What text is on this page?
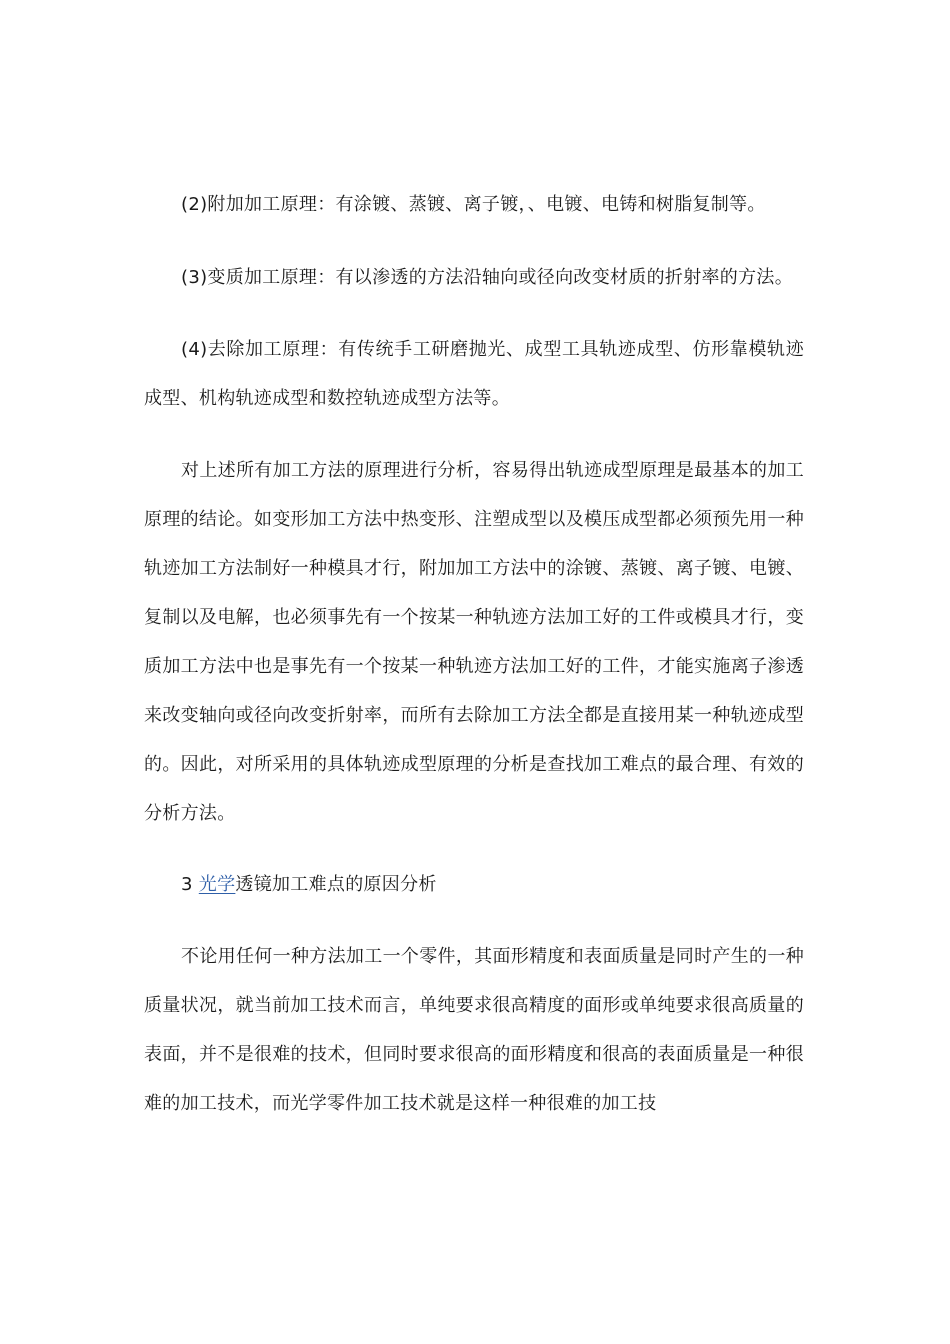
(2)附加加工原理：有涂镀、蒸镀、离子镀，、电镀、电铸和树脂复制等。

(3)变质加工原理：有以渗透的方法沿轴向或径向改变材质的折射率的方法。

(4)去除加工原理：有传统手工研磨抛光、成型工具轨迹成型、仿形靠模轨迹成型、机构轨迹成型和数控轨迹成型方法等。

对上述所有加工方法的原理进行分析，容易得出轨迹成型原理是最基本的加工原理的结论。如变形加工方法中热变形、注塑成型以及模压成型都必须预先用一种轨迹加工方法制好一种模具才行，附加加工方法中的涂镀、蒸镀、离子镀、电镀、复制以及电解，也必须事先有一个按某一种轨迹方法加工好的工件或模具才行，变质加工方法中也是事先有一个按某一种轨迹方法加工好的工件，才能实施离子渗透来改变轴向或径向改变折射率，而所有去除加工方法全都是直接用某一种轨迹成型的。因此，对所采用的具体轨迹成型原理的分析是查找加工难点的最合理、有效的分析方法。

3 光学透镜加工难点的原因分析

不论用任何一种方法加工一个零件，其面形精度和表面质量是同时产生的一种质量状况，就当前加工技术而言，单纯要求很高精度的面形或单纯要求很高质量的表面，并不是很难的技术，但同时要求很高的面形精度和很高的表面质量是一种很难的加工技术，而光学零件加工技术就是这样一种很难的加工技
